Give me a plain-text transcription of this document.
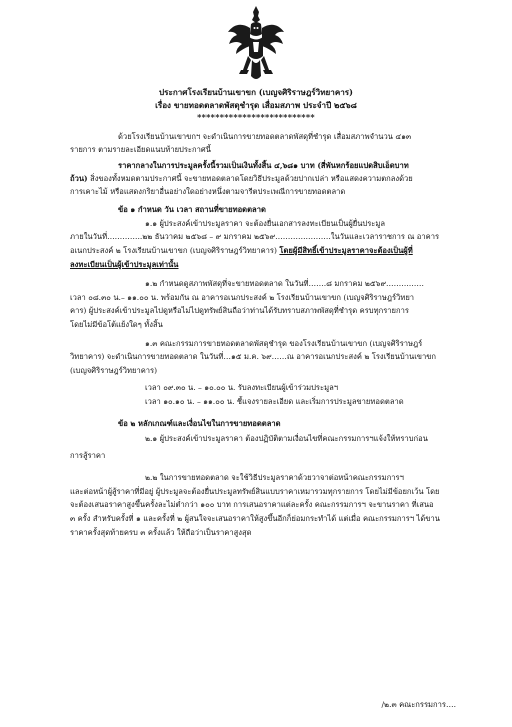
ประกาศโรงเรียนบ้านเขาขก (เบญจศิริราษฎร์วิทยาคาร)
เรื่อง ขายทอดตลาดพัสดุชำรุด เสื่อมสภาพ ประจำปี ๒๕๖๘
**************************
ด้วยโรงเรียนบ้านเขาขกฯ จะดำเนินการขายทอดตลาดพัสดุที่ชำรุด เสื่อมสภาพจำนวน ๔๑๓
รายการ ตามรายละเอียดแนบท้ายประกาศนี้
ราคากลางในการประมูลครั้งนี้รวมเป็นเงินทั้งสิ้น ๔,๖๘๑ บาท (สี่พันหกร้อยแปดสิบเอ็ดบาท
ถ้วน) สิ่งของทั้งหมดตามประกาศนี้ จะขายทอดตลาดโดยวิธีประมูลด้วยปากเปล่า หรือแสดงความตกลงด้วย
การเคาะไม้ หรือแสดงกริยาอื่นอย่างใดอย่างหนึ่งตามจารีตประเพณีการขายทอดตลาด
ข้อ ๑ กำหนด วัน เวลา สถานที่ขายทอดตลาด
๑.๑ ผู้ประสงค์เข้าประมูลราคา จะต้องยื่นเอกสารลงทะเบียนเป็นผู้ยื่นประมูล
ภายในวันที่…………..๒๒ ธันวาคม ๒๕๖๘ – ๙ มกราคม ๒๕๖๙………………….ในวันและเวลาราชการ ณ อาคาร
อเนกประสงค์ ๒ โรงเรียนบ้านเขาขก (เบญจศิริราษฎร์วิทยาคาร) โดยผู้มีสิทธิ์เข้าประมูลราคาจะต้องเป็นผู้ที่
ลงทะเบียนเป็นผู้เข้าประมูลเท่านั้น
๑.๒ กำหนดดูสภาพพัสดุที่จะขายทอดตลาด ในวันที่…….๘ มกราคม ๒๕๖๙……………
เวลา ๐๘.๓๐ น.– ๑๑.๐๐ น. พร้อมกัน ณ อาคารอเนกประสงค์ ๒ โรงเรียนบ้านเขาขก (เบญจศิริราษฎร์วิทยา
คาร) ผู้ประสงค์เข้าประมูลไปดูหรือไม่ไปดูทรัพย์สินถือว่าท่านได้รับทราบสภาพพัสดุที่ชำรุด ครบทุกรายการ
โดยไม่มีข้อโต้แย้งใดๆ ทั้งสิ้น
๑.๓ คณะกรรมการขายทอดตลาดพัสดุชำรุด ของโรงเรียนบ้านเขาขก (เบญจศิริราษฎร์
วิทยาคาร) จะดำเนินการขายทอดตลาด ในวันที่…๑๕ ม.ค. ๖๙……ณ อาคารอเนกประสงค์ ๒ โรงเรียนบ้านเขาขก
(เบญจศิริราษฎร์วิทยาคาร)
เวลา ๐๙.๓๐ น. – ๑๐.๐๐ น. รับลงทะเบียนผู้เข้าร่วมประมูลฯ
เวลา ๑๐.๑๐ น. – ๑๑.๐๐ น. ชี้แจงรายละเอียด และเริ่มการประมูลขายทอดตลาด
ข้อ ๒ หลักเกณฑ์และเงื่อนไขในการขายทอดตลาด
๒.๑ ผู้ประสงค์เข้าประมูลราคา ต้องปฏิบัติตามเงื่อนไขที่คณะกรรมการฯแจ้งให้ทราบก่อน
การสู้ราคา
๒.๒ ในการขายทอดตลาด จะใช้วิธีประมูลราคาด้วยวาจาต่อหน้าคณะกรรมการฯ
และต่อหน้าผู้สู้ราคาที่มีอยู่ ผู้ประมูลจะต้องยื่นประมูลทรัพย์สินแบบราคาเหมารวมทุกรายการ โดยไม่มีข้อยกเว้น โดย
จะต้องเสนอราคาสูงขึ้นครั้งละไม่ต่ำกว่า ๑๐๐ บาท การเสนอราคาแต่ละครั้ง คณะกรรมการฯ จะขานราคา ที่เสนอ
๓ ครั้ง สำหรับครั้งที่ ๑ และครั้งที่ ๒ ผู้สนใจจะเสนอราคาให้สูงขึ้นอีกก็ย่อมกระทำได้ แต่เมื่อ คณะกรรมการฯ ได้ขาน
ราคาครั้งสุดท้ายครบ ๓ ครั้งแล้ว ให้ถือว่าเป็นราคาสูงสุด
/๒.๓ คณะกรรมการ….
